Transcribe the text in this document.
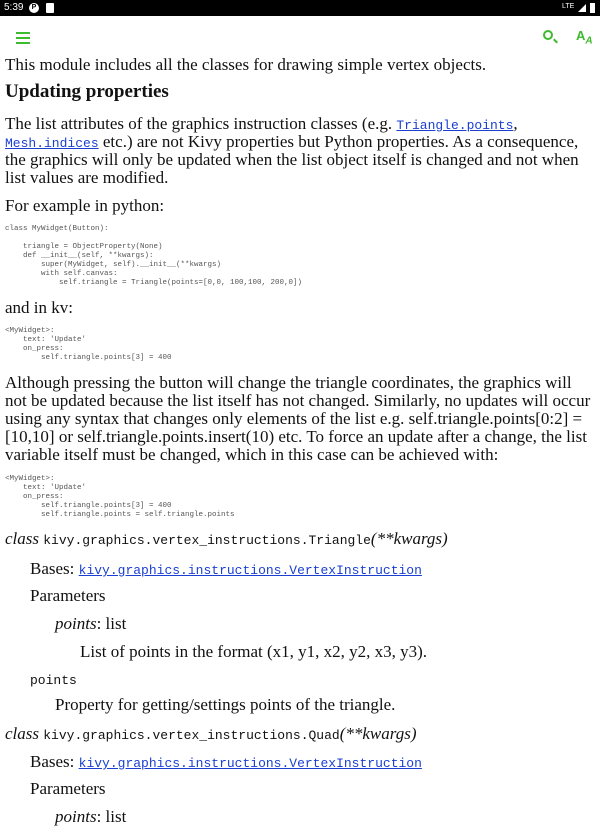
5:39	P	LTE
$A_A$
This module includes all the classes for drawing simple vertex objects.
Updating properties
The list attributes of the graphics instruction classes (e.g. Triangle.points, Mesh.indices etc.) are not Kivy properties but Python properties. As a consequence, the graphics will only be updated when the list object itself is changed and not when list values are modified.
For example in python:
class MyWidget(Button):

triangle = ObjectProperty(None)
def __init__(self, **kwargs):
super(MyWidget, self).__init__(**kwargs)
with self.canvas:
self.triangle = Triangle(points=[0,0, 100,100, 200,0])
and in kv:
<MyWidget>:
text: 'Update'
on_press:
self.triangle.points[3] = 400
Although pressing the button will change the triangle coordinates, the graphics will not be updated because the list itself has not changed. Similarly, no updates will occur using any syntax that changes only elements of the list e.g. self.triangle.points[0:2] = [10,10] or self.triangle.points.insert(10) etc. To force an update after a change, the list variable itself must be changed, which in this case can be achieved with:
<MyWidget>:
text: 'Update'
on_press:
self.triangle.points[3] = 400
self.triangle.points = self.triangle.points
class kivy.graphics.vertex_instructions.Triangle(**kwargs)
Bases: kivy.graphics.instructions.VertexInstruction
Parameters
points: list
List of points in the format (x1, y1, x2, y2, x3, y3).
points
Property for getting/settings points of the triangle.
class kivy.graphics.vertex_instructions.Quad(**kwargs)
Bases: kivy.graphics.instructions.VertexInstruction
Parameters
points: list
